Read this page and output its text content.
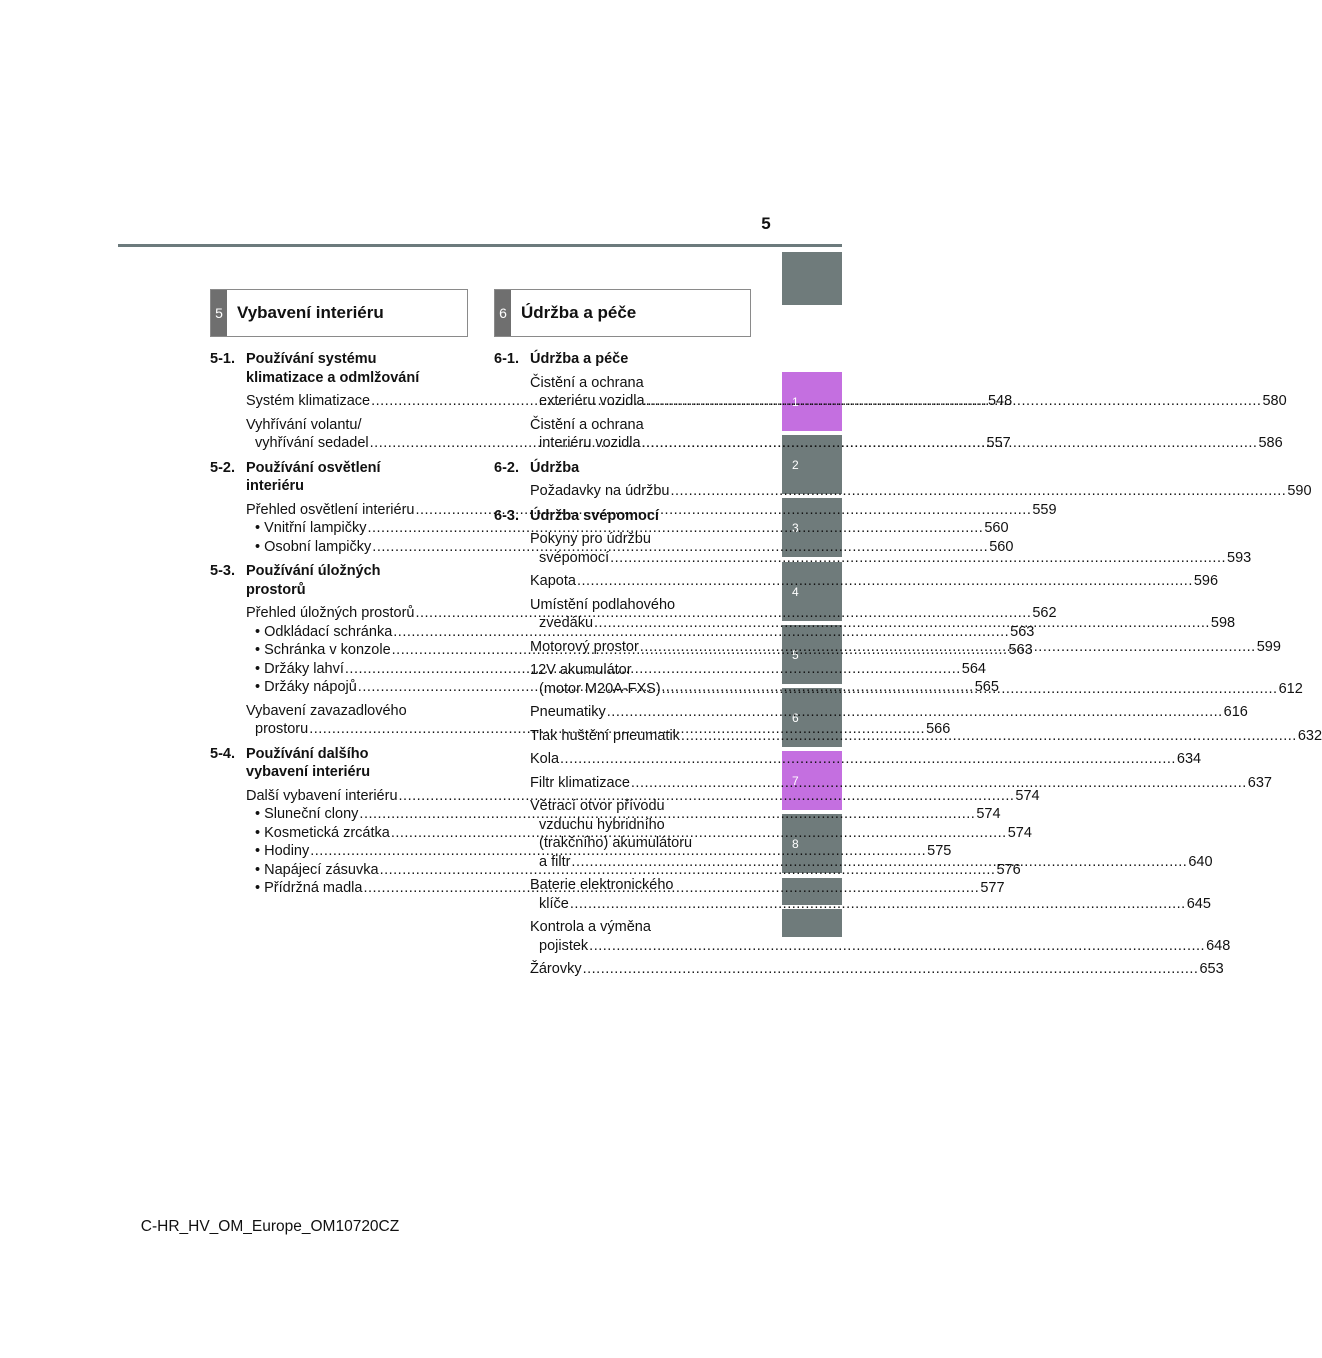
5
1
2
3
4
5
6
7
8
5 Vybavení interiéru	6 Údržba a péče
5-1. Používání systému
klimatizace a odmlžování
Systém klimatizace .....	548
Vyhřívání volantu/
vyhřívání sedadel .....	557
5-2. Používání osvětlení
interiéru
Přehled osvětlení interiéru .....	559
• Vnitřní lampičky .....	560
• Osobní lampičky .....	560
5-3. Používání úložných
prostorů
Přehled úložných prostorů .....	562
• Odkládací schránka .....	563
• Schránka v konzole .....	563
• Držáky lahví .....	564
• Držáky nápojů .....	565
Vybavení zavazadlového
prostoru .....	566
5-4. Používání dalšího
vybavení interiéru
Další vybavení interiéru .....	574
• Sluneční clony .....	574
• Kosmetická zrcátka .....	574
• Hodiny .....	575
• Napájecí zásuvka .....	576
• Přídržná madla .....	577
6-1. Údržba a péče
Čistění a ochrana
exteriéru vozidla .....	580
Čistění a ochrana
interiéru vozidla .....	586
6-2. Údržba
Požadavky na údržbu .....	590
6-3. Údržba svépomocí
Pokyny pro údržbu
svépomocí .....	593
Kapota .....	596
Umístění podlahového
zvedáku .....	598
Motorový prostor .....	599
12V akumulátor
(motor M20A-FXS) .....	612
Pneumatiky .....	616
Tlak huštění pneumatik .....	632
Kola .....	634
Filtr klimatizace .....	637
Větrací otvor přívodu
vzduchu hybridního
(trakčního) akumulátoru
a filtr .....	640
Baterie elektronického
klíče .....	645
Kontrola a výměna
pojistek .....	648
Žárovky .....	653
C-HR_HV_OM_Europe_OM10720CZ
